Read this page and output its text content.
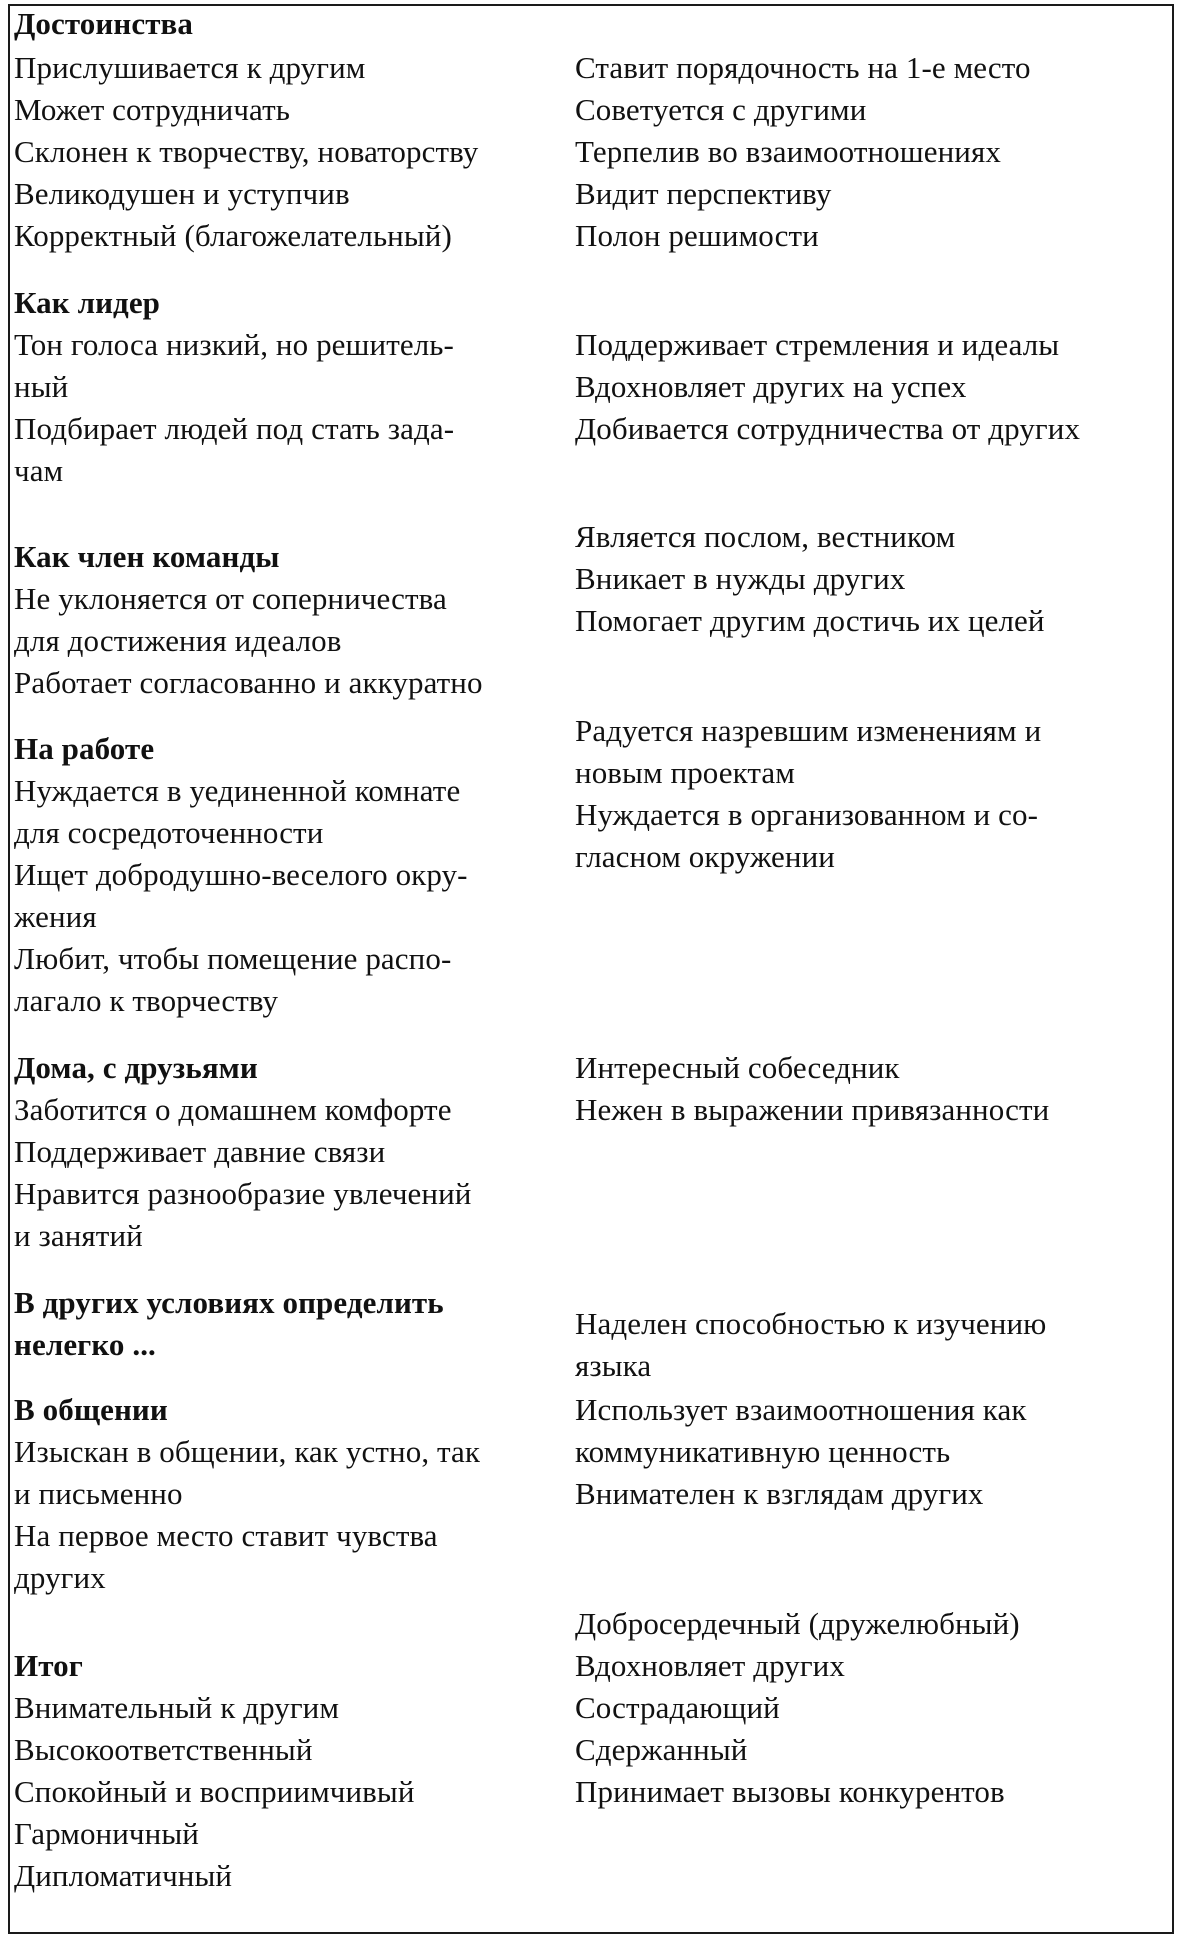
Достоинства
Прислушивается к другим
Может сотрудничать
Склонен к творчеству, новаторству
Великодушен и уступчив
Корректный (благожелательный)
Ставит порядочность на 1-е место
Советуется с другими
Терпелив во взаимоотношениях
Видит перспективу
Полон решимости
Как лидер
Тон голоса низкий, но решитель-
ный
Подбирает людей под стать зада-
чам
Поддерживает стремления и идеалы
Вдохновляет других на успех
Добивается сотрудничества от других
Как член команды
Не уклоняется от соперничества
для достижения идеалов
Работает согласованно и аккуратно
Является послом, вестником
Вникает в нужды других
Помогает другим достичь их целей
На работе
Нуждается в уединенной комнате
для сосредоточенности
Ищет добродушно-веселого окру-
жения
Любит, чтобы помещение распо-
лагало к творчеству
Радуется назревшим изменениям и
новым проектам
Нуждается в организованном и со-
гласном окружении
Дома, с друзьями
Заботится о домашнем комфорте
Поддерживает давние связи
Нравится разнообразие увлечений
и занятий
Интересный собеседник
Нежен в выражении привязанности
В других условиях определить
нелегко ...
Наделен способностью к изучению
языка
В общении
Изыскан в общении, как устно, так
и письменно
На первое место ставит чувства
других
Использует взаимоотношения как
коммуникативную ценность
Внимателен к взглядам других
Итог
Внимательный к другим
Высокоответственный
Спокойный и восприимчивый
Гармоничный
Дипломатичный
Доброcердечный (дружелюбный)
Вдохновляет других
Сострадающий
Сдержанный
Принимает вызовы конкурентов
